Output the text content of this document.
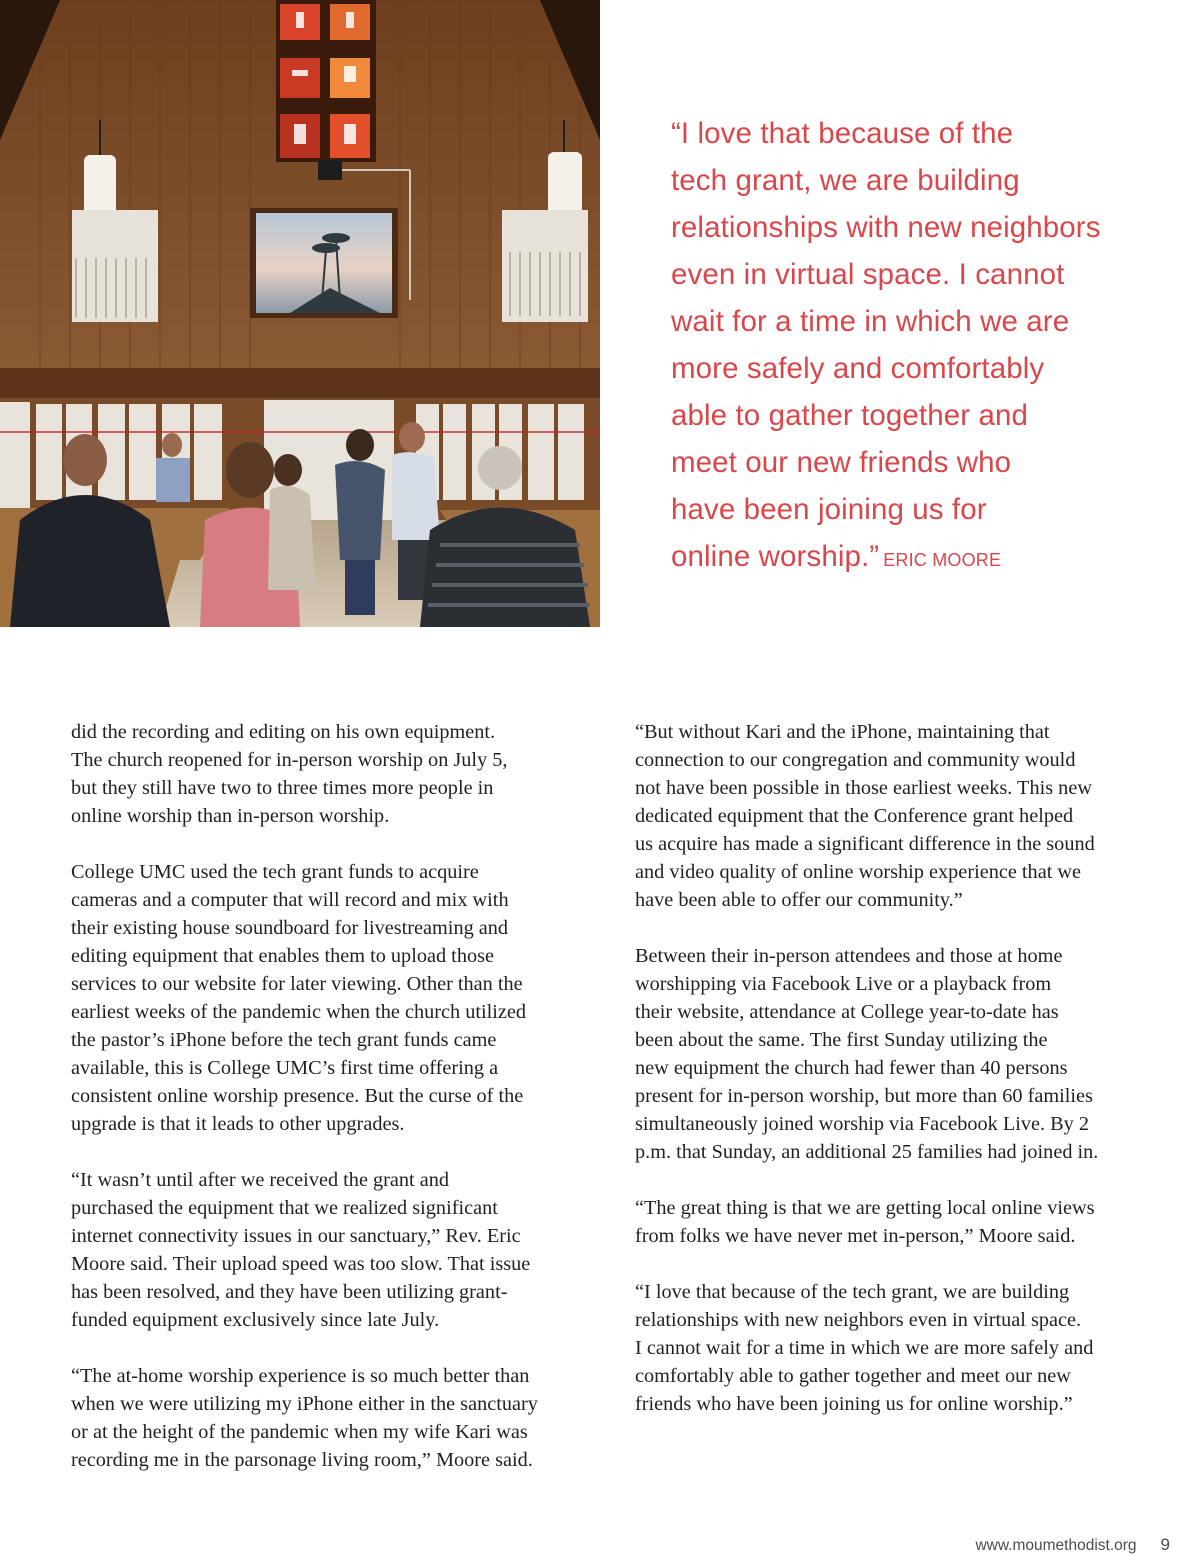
“I love that because of the
tech grant, we are building
relationships with new neighbors
even in virtual space. I cannot
wait for a time in which we are
more safely and comfortably
able to gather together and
meet our new friends who
have been joining us for
online worship.” ERIC MOORE

did the recording and editing on his own equipment.
The church reopened for in-person worship on July 5,
but they still have two to three times more people in
online worship than in-person worship.

College UMC used the tech grant funds to acquire
cameras and a computer that will record and mix with
their existing house soundboard for livestreaming and
editing equipment that enables them to upload those
services to our website for later viewing. Other than the
earliest weeks of the pandemic when the church utilized
the pastor’s iPhone before the tech grant funds came
available, this is College UMC’s first time offering a
consistent online worship presence. But the curse of the
upgrade is that it leads to other upgrades.

“It wasn’t until after we received the grant and
purchased the equipment that we realized significant
internet connectivity issues in our sanctuary,” Rev. Eric
Moore said. Their upload speed was too slow. That issue
has been resolved, and they have been utilizing grant-
funded equipment exclusively since late July.

“The at-home worship experience is so much better than
when we were utilizing my iPhone either in the sanctuary
or at the height of the pandemic when my wife Kari was
recording me in the parsonage living room,” Moore said.

“But without Kari and the iPhone, maintaining that
connection to our congregation and community would
not have been possible in those earliest weeks. This new
dedicated equipment that the Conference grant helped
us acquire has made a significant difference in the sound
and video quality of online worship experience that we
have been able to offer our community.”

Between their in-person attendees and those at home
worshipping via Facebook Live or a playback from
their website, attendance at College year-to-date has
been about the same. The first Sunday utilizing the
new equipment the church had fewer than 40 persons
present for in-person worship, but more than 60 families
simultaneously joined worship via Facebook Live. By 2
p.m. that Sunday, an additional 25 families had joined in.

“The great thing is that we are getting local online views
from folks we have never met in-person,” Moore said.

“I love that because of the tech grant, we are building
relationships with new neighbors even in virtual space.
I cannot wait for a time in which we are more safely and
comfortably able to gather together and meet our new
friends who have been joining us for online worship.”

www.moumethodist.org 9
